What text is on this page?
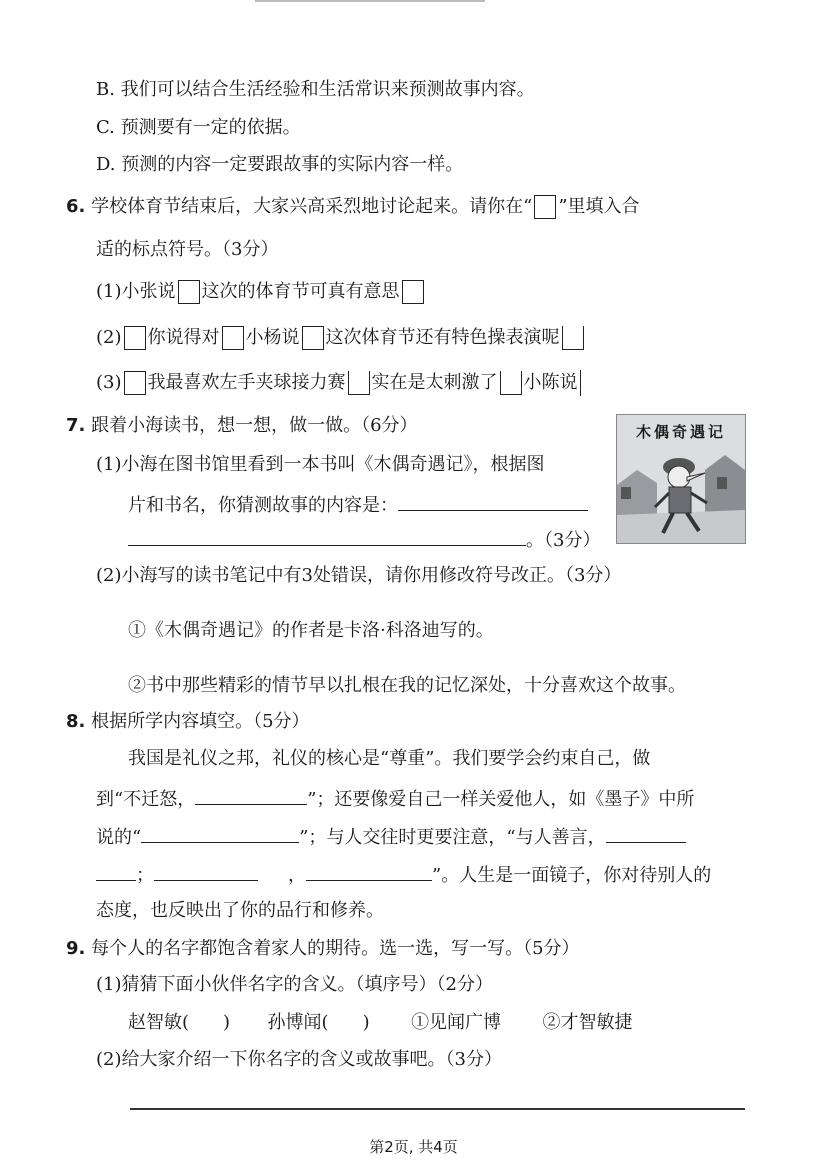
B. 我们可以结合生活经验和生活常识来预测故事内容。
C. 预测要有一定的依据。
D. 预测的内容一定要跟故事的实际内容一样。
6. 学校体育节结束后，大家兴高采烈地讨论起来。请你在“ ”里填入合
适的标点符号。（3分）
(1)小张说 这次的体育节可真有意思
(2) 你说得对 小杨说 这次体育节还有特色操表演呢
(3) 我最喜欢左手夹球接力赛 实在是太刺激了 小陈说
7. 跟着小海读书，想一想，做一做。（6分）
(1)小海在图书馆里看到一本书叫《木偶奇遇记》，根据图
片和书名，你猜测故事的内容是：
。（3分）
木偶奇遇记
(2)小海写的读书笔记中有3处错误，请你用修改符号改正。（3分）
①《木偶奇遇记》的作者是卡洛·科洛迪写的。
②书中那些精彩的情节早以扎根在我的记忆深处，十分喜欢这个故事。
8. 根据所学内容填空。（5分）
我国是礼仪之邦，礼仪的核心是“尊重”。我们要学会约束自己，做
到“不迁怒，	”；还要像爱自己一样关爱他人，如《墨子》中所
说的“	”；与人交往时更要注意，“与人善言，
；	，	”。人生是一面镜子，你对待别人的
态度，也反映出了你的品行和修养。
9. 每个人的名字都饱含着家人的期待。选一选，写一写。（5分）
(1)猜猜下面小伙伴名字的含义。（填序号）（2分）
赵智敏( ) 孙博闻( ) ①见闻广博 ②才智敏捷
(2)给大家介绍一下你名字的含义或故事吧。（3分）
第2页, 共4页
